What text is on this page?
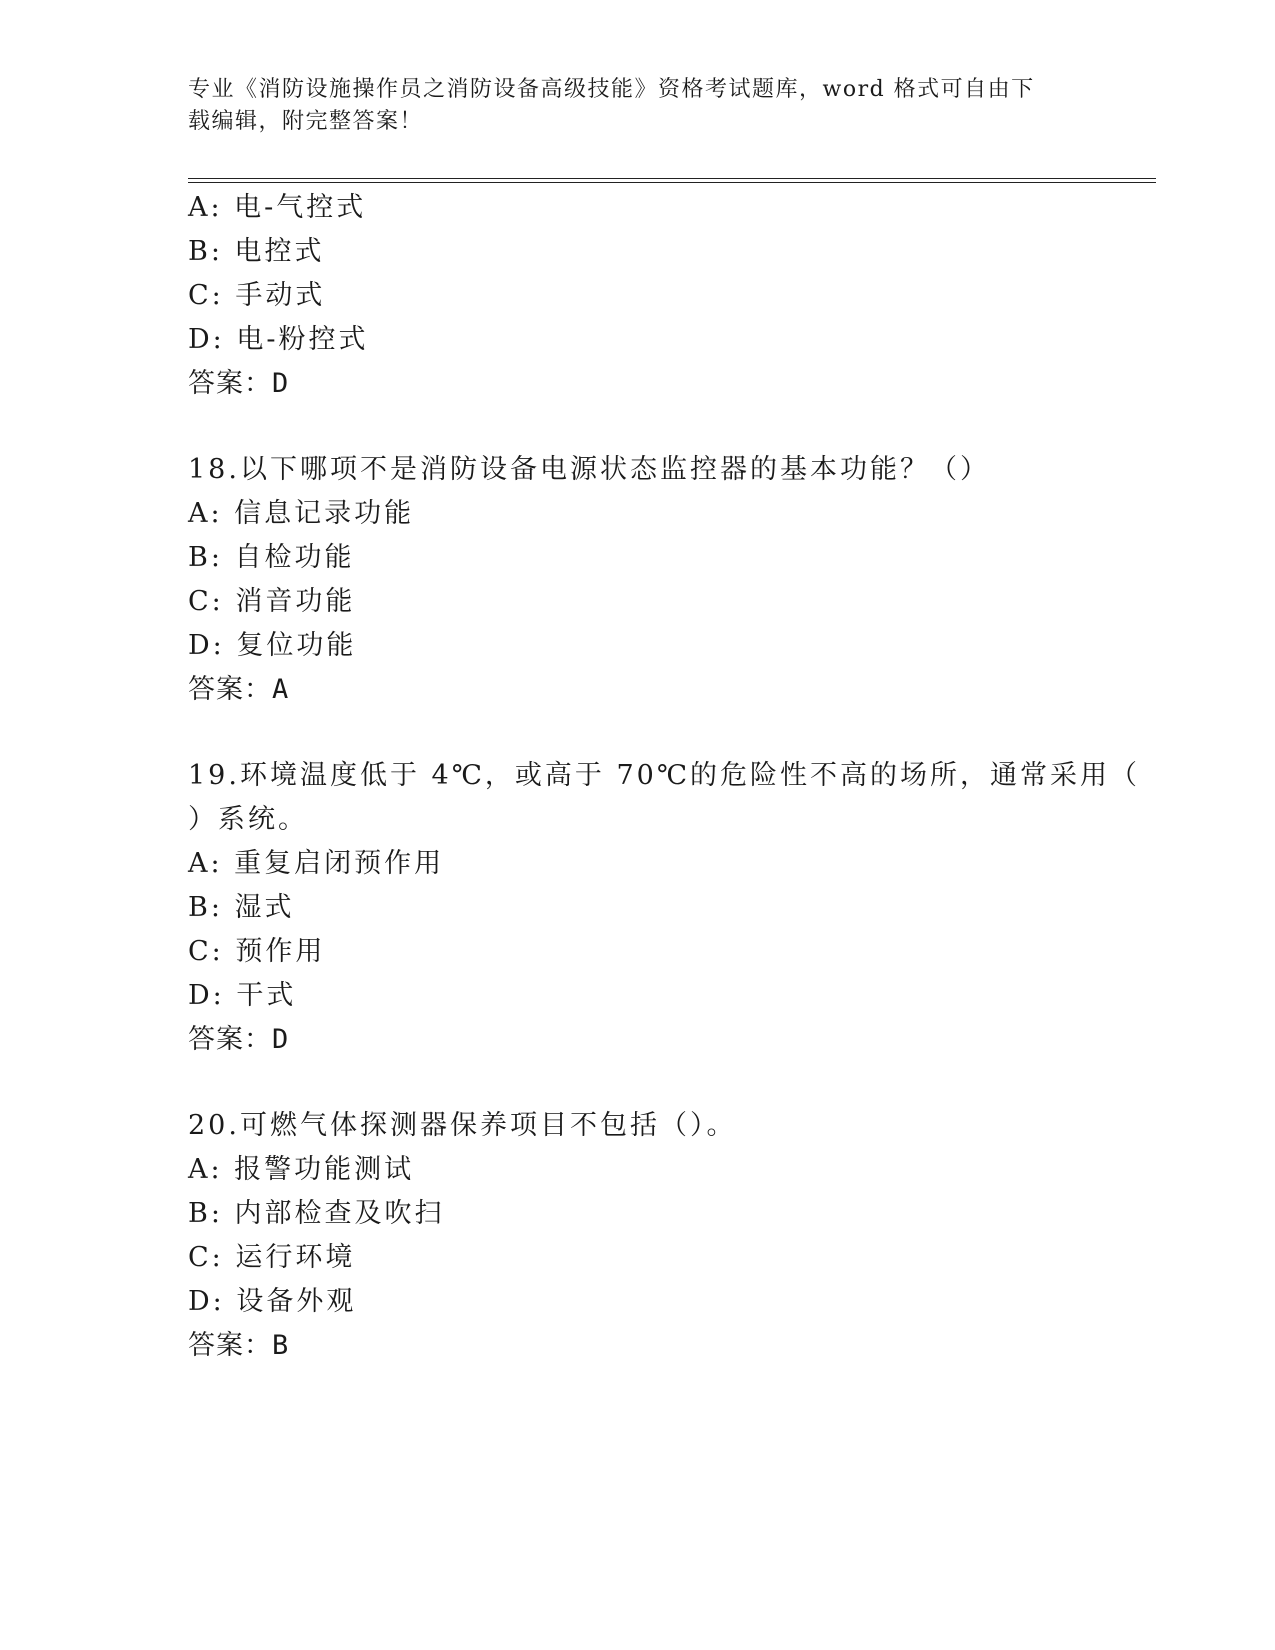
专业《消防设施操作员之消防设备高级技能》资格考试题库，word 格式可自由下
载编辑，附完整答案！
A: 电-气控式
B: 电控式
C: 手动式
D: 电-粉控式
答案：D
18.以下哪项不是消防设备电源状态监控器的基本功能？（）
A: 信息记录功能
B: 自检功能
C: 消音功能
D: 复位功能
答案：A
19.环境温度低于 4℃，或高于 70℃的危险性不高的场所，通常采用（
）系统。
A: 重复启闭预作用
B: 湿式
C: 预作用
D: 干式
答案：D
20.可燃气体探测器保养项目不包括（）。
A: 报警功能测试
B: 内部检查及吹扫
C: 运行环境
D: 设备外观
答案：B
